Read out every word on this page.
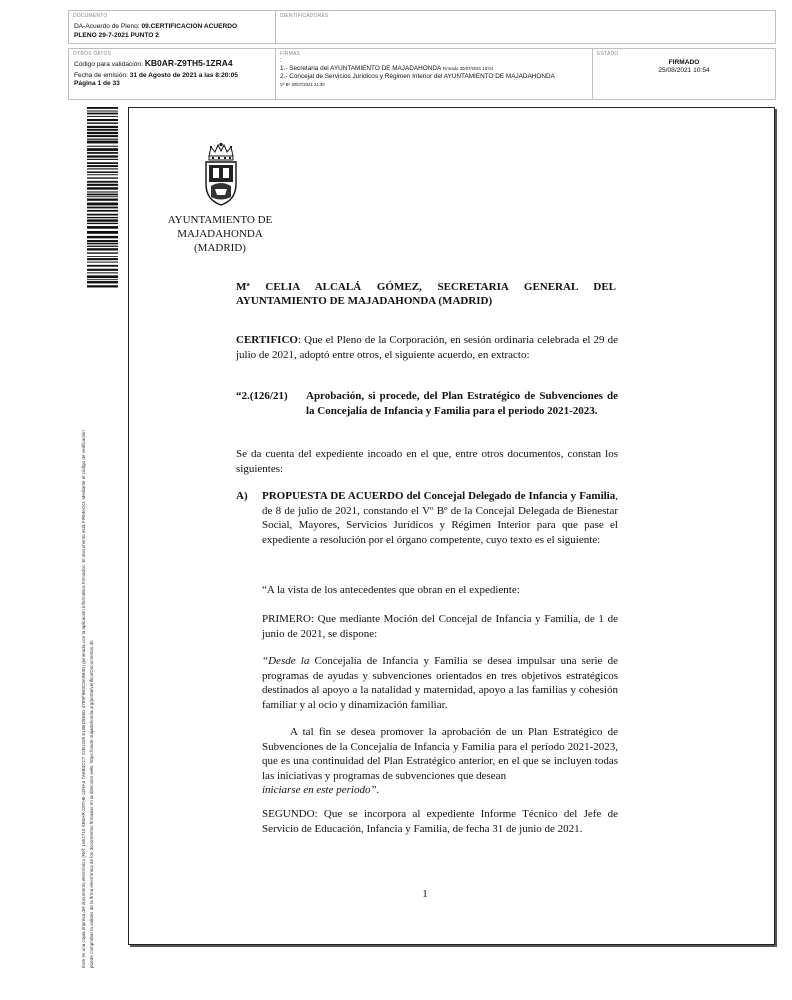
DOCUMENTO
DA-Acuerdo de Pleno: 09.CERTIFICACION ACUERDO
PLENO 29-7-2021 PUNTO 2
IDENTIFICADORES
OTROS DATOS
Código para validación: KB0AR-Z9TH5-1ZRA4
Fecha de emisión: 31 de Agosto de 2021 a las 8:20:05
Página 1 de 33
FIRMAS
:
1.- Secretaria del AYUNTAMIENTO DE MAJADAHONDA Firmado 30/07/2021 10:04
2.- Concejal de Servicios Jurídicos y Régimen Interior del AYUNTAMIENTO DE MAJADAHONDA
Vº Bº 30/07/2021 21:30
ESTADO
FIRMADO
25/08/2021 10:54
Este es una copia impresa del documento electrónico (Ref: 1651710 KB0AR-Z9TH5-1ZRA4 7A6B3CC7 22B1209 E1B6D9E8D 4769F9B3C9A9B4D) generada con la aplicación informática Firmadoc. El documento está FIRMADO. Mediante el código de verificación puede comprobar la validez de la firma electrónica de los documentos firmados en la dirección web: https://sede.majadahonda.org/portal/verificarDocumentos.do
AYUNTAMIENTO DE
MAJADAHONDA
(MADRID)
Mª CELIA ALCALÁ GÓMEZ, SECRETARIA GENERAL DEL
AYUNTAMIENTO DE MAJADAHONDA (MADRID)
CERTIFICO: Que el Pleno de la Corporación, en sesión ordinaria celebrada el 29 de julio de 2021, adoptó entre otros, el siguiente acuerdo, en extracto:
“2.(126/21)	Aprobación, si procede, del Plan Estratégico de Subvenciones de la Concejalía de Infancia y Familia para el periodo 2021-2023.
Se da cuenta del expediente incoado en el que, entre otros documentos, constan los siguientes:
A)	PROPUESTA DE ACUERDO del Concejal Delegado de Infancia y Familia, de 8 de julio de 2021, constando el Vº Bº de la Concejal Delegada de Bienestar Social, Mayores, Servicios Jurídicos y Régimen Interior para que pase el expediente a resolución por el órgano competente, cuyo texto es el siguiente:
“A la vista de los antecedentes que obran en el expediente:
PRIMERO: Que mediante Moción del Concejal de Infancia y Familia, de 1 de junio de 2021, se dispone:
“Desde la Concejalía de Infancia y Familia se desea impulsar una serie de programas de ayudas y subvenciones orientados en tres objetivos estratégicos destinados al apoyo a la natalidad y maternidad, apoyo a las familias y cohesión familiar y al ocio y dinamización familiar.
A tal fin se desea promover la aprobación de un Plan Estratégico de Subvenciones de la Concejalía de Infancia y Familia para el período 2021-2023, que es una continuidad del Plan Estratégico anterior, en el que se incluyen todas las iniciativas y programas de subvenciones que desean
iniciarse en este periodo”.
SEGUNDO: Que se incorpora al expediente Informe Técnico del Jefe de Servicio de Educación, Infancia y Familia, de fecha 31 de junio de 2021.
1
